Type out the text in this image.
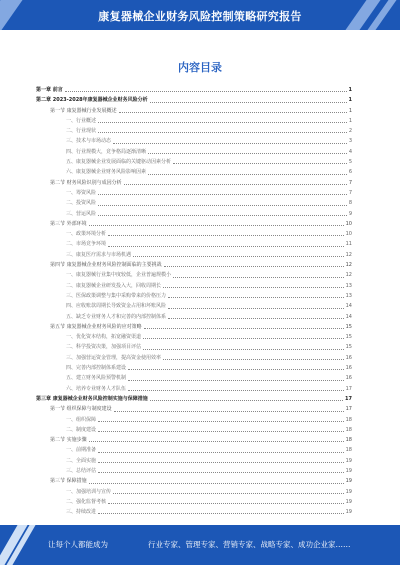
康复器械企业财务风险控制策略研究报告
内容目录
第一章 前言	1
第二章 2023-2028年康复器械企业财务风险分析	1
第一节 康复器械行业发展概述	1
一、行业概述	1
二、行业现状	2
三、技术与市场动态	3
四、行业规模大，竞争格局逐渐清晰	4
五、康复器械企业发展面临的关键驱动因素分析	5
六、康复器械企业财务风险影响因素	6
第二节 财务风险识别与成因分析	7
一、筹资风险	7
二、投资风险	8
三、营运风险	9
第三节 外部环境	10
一、政策环境分析	10
二、市场竞争环境	11
三、康复医疗需求与市场机遇	12
第四节 康复器械企业财务风险控制面临的主要挑战	12
一、康复器械行业集中度较低，企业普遍规模小	12
二、康复器械企业研发投入大，回收周期长	13
三、医保政策调整与集中采购带来的价格压力	13
四、应收账款周期长导致资金占用和坏账风险	14
五、缺乏专业财务人才和完善的内部控制体系	14
第五节 康复器械企业财务风险的应对策略	15
一、优化资本结构，拓宽融资渠道	15
二、科学投资决策，加强项目评估	15
三、加强营运资金管理，提高资金使用效率	16
四、完善内部控制体系建设	16
五、建立财务风险预警机制	16
六、培养专业财务人才队伍	17
第三章 康复器械企业财务风险控制实施与保障措施	17
第一节 组织保障与制度建设	17
一、组织保障	18
二、制度建设	18
第二节 实施步骤	18
一、前期准备	18
二、全面实施	19
三、总结评估	19
第三节 保障措施	19
一、加强培训与宣传	19
二、强化监督考核	19
三、持续改进	19
让每个人都能成为	行业专家、管理专家、营销专家、战略专家、成功企业家……
